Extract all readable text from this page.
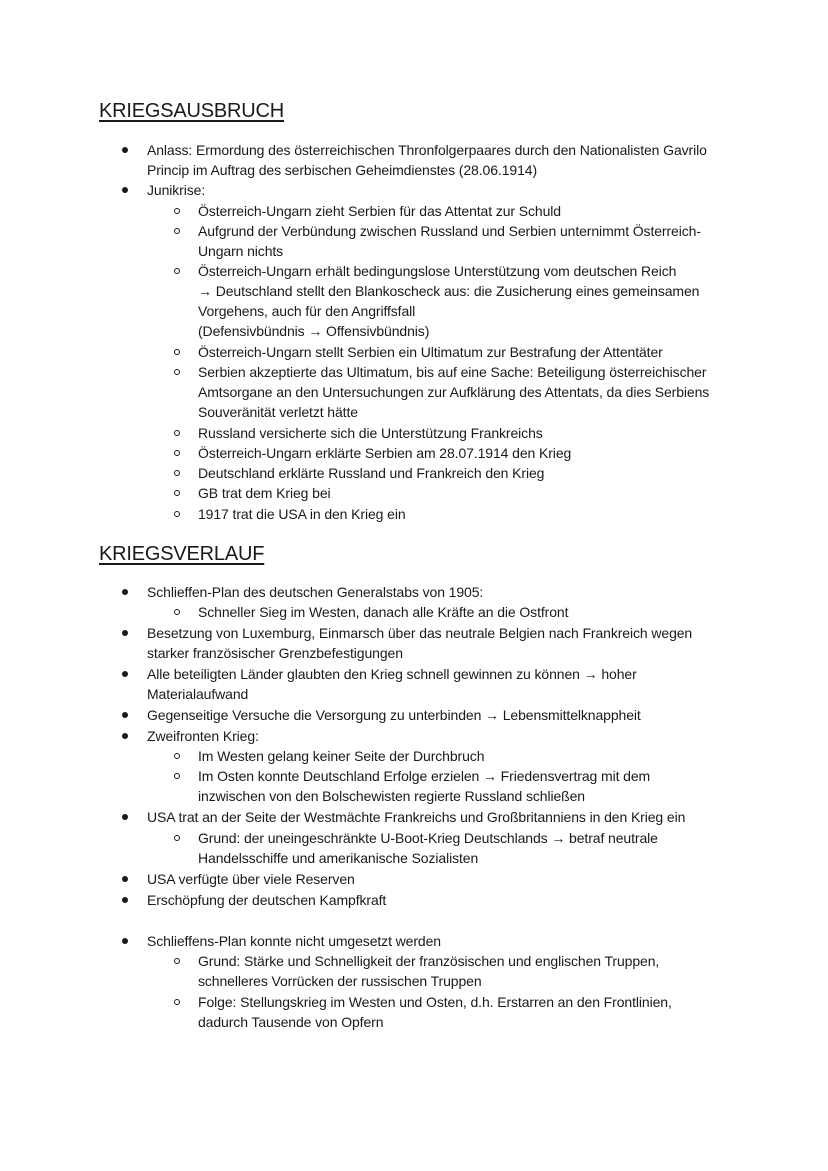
KRIEGSAUSBRUCH
Anlass: Ermordung des österreichischen Thronfolgerpaares durch den Nationalisten Gavrilo
Princip im Auftrag des serbischen Geheimdienstes (28.06.1914)
Junikrise:
Österreich-Ungarn zieht Serbien für das Attentat zur Schuld
Aufgrund der Verbündung zwischen Russland und Serbien unternimmt Österreich-
Ungarn nichts
Österreich-Ungarn erhält bedingungslose Unterstützung vom deutschen Reich
→ Deutschland stellt den Blankoscheck aus: die Zusicherung eines gemeinsamen
Vorgehens, auch für den Angriffsfall
(Defensivbündnis → Offensivbündnis)
Österreich-Ungarn stellt Serbien ein Ultimatum zur Bestrafung der Attentäter
Serbien akzeptierte das Ultimatum, bis auf eine Sache: Beteiligung österreichischer
Amtsorgane an den Untersuchungen zur Aufklärung des Attentats, da dies Serbiens
Souveränität verletzt hätte
Russland versicherte sich die Unterstützung Frankreichs
Österreich-Ungarn erklärte Serbien am 28.07.1914 den Krieg
Deutschland erklärte Russland und Frankreich den Krieg
GB trat dem Krieg bei
1917 trat die USA in den Krieg ein
KRIEGSVERLAUF
Schlieffen-Plan des deutschen Generalstabs von 1905:
Schneller Sieg im Westen, danach alle Kräfte an die Ostfront
Besetzung von Luxemburg, Einmarsch über das neutrale Belgien nach Frankreich wegen
starker französischer Grenzbefestigungen
Alle beteiligten Länder glaubten den Krieg schnell gewinnen zu können → hoher
Materialaufwand
Gegenseitige Versuche die Versorgung zu unterbinden → Lebensmittelknappheit
Zweifronten Krieg:
Im Westen gelang keiner Seite der Durchbruch
Im Osten konnte Deutschland Erfolge erzielen → Friedensvertrag mit dem
inzwischen von den Bolschewisten regierte Russland schließen
USA trat an der Seite der Westmächte Frankreichs und Großbritanniens in den Krieg ein
Grund: der uneingeschränkte U-Boot-Krieg Deutschlands → betraf neutrale
Handelsschiffe und amerikanische Sozialisten
USA verfügte über viele Reserven
Erschöpfung der deutschen Kampfkraft
Schlieffens-Plan konnte nicht umgesetzt werden
Grund: Stärke und Schnelligkeit der französischen und englischen Truppen,
schnelleres Vorrücken der russischen Truppen
Folge: Stellungskrieg im Westen und Osten, d.h. Erstarren an den Frontlinien,
dadurch Tausende von Opfern
